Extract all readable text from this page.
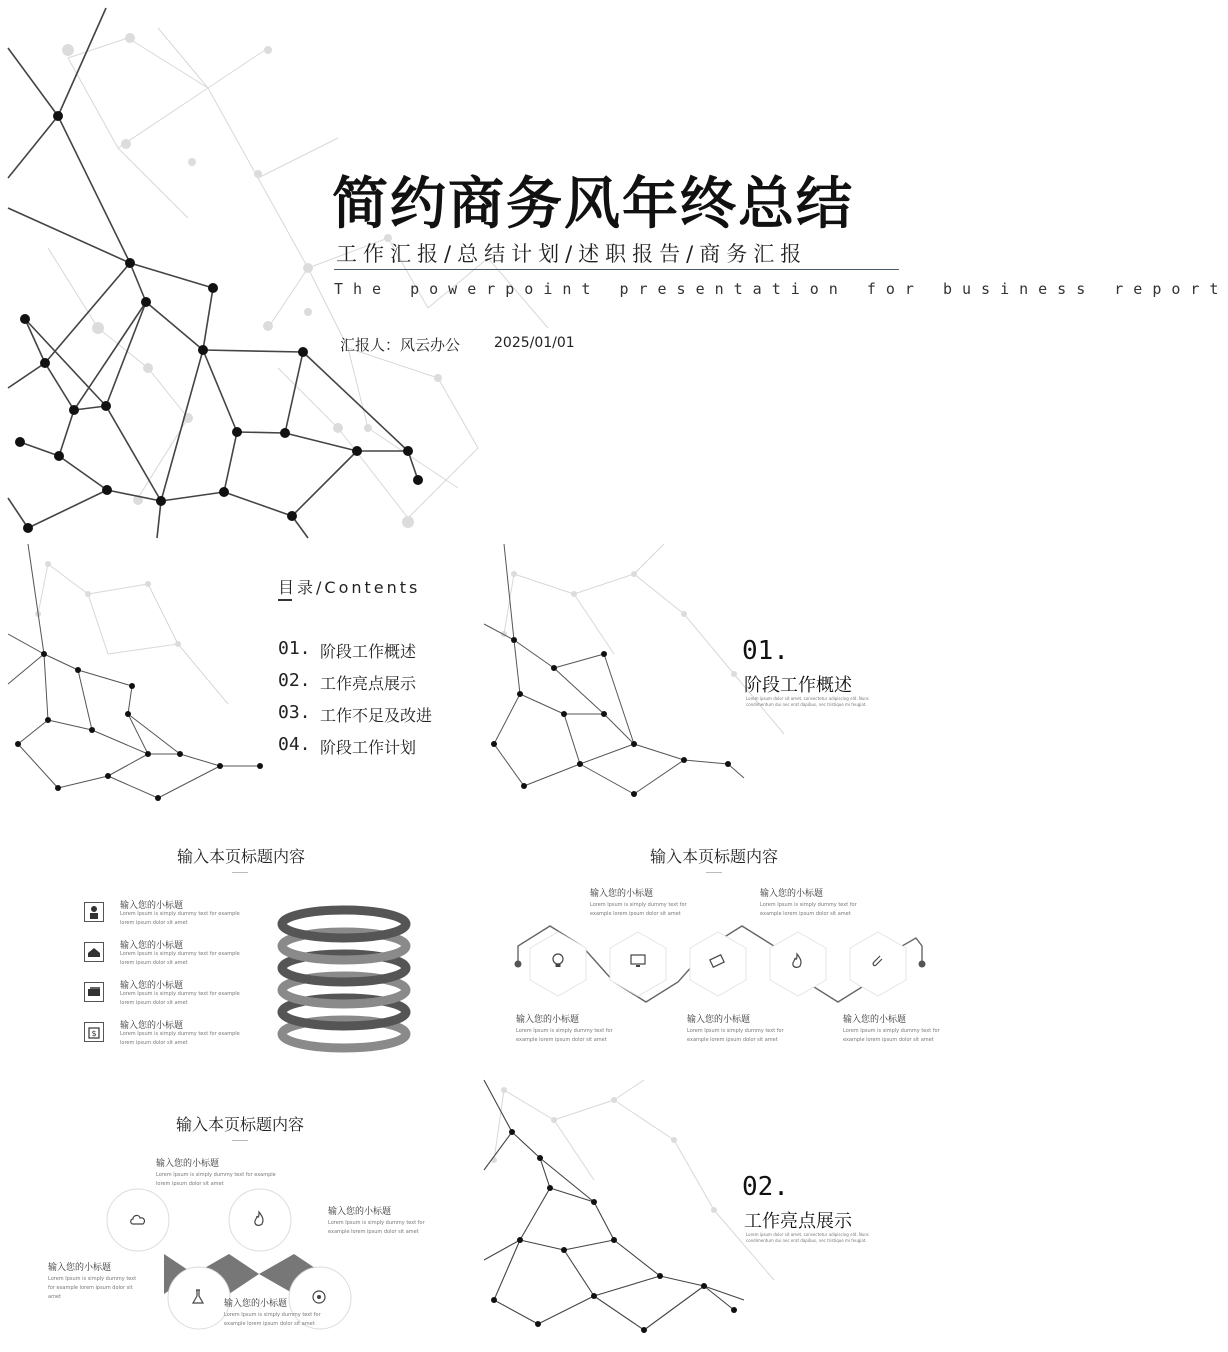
简约商务风年终总结
工作汇报/总结计划/述职报告/商务汇报
The powerpoint presentation for business report
汇报人：风云办公 2025/01/01
目录/Contents
01. 阶段工作概述
02. 工作亮点展示
03. 工作不足及改进
04. 阶段工作计划
01.
阶段工作概述
Lorem ipsum dolor sit amet, consectetur adipiscing elit. Nunc condimentum dui nec erat dapibus, nec tristique mi feugiat.
输入本页标题内容
输入您的小标题
Lorem Ipsum is simply dummy text for example lorem ipsum dolor sit amet
输入您的小标题
Lorem Ipsum is simply dummy text for example lorem ipsum dolor sit amet
输入您的小标题
Lorem Ipsum is simply dummy text for example lorem ipsum dolor sit amet
$
输入您的小标题
Lorem Ipsum is simply dummy text for example lorem ipsum dolor sit amet
输入本页标题内容
输入您的小标题
Lorem Ipsum is simply dummy text for example lorem ipsum dolor sit amet
输入您的小标题
Lorem Ipsum is simply dummy text for example lorem ipsum dolor sit amet
输入您的小标题
Lorem Ipsum is simply dummy text for example lorem ipsum dolor sit amet
输入您的小标题
Lorem Ipsum is simply dummy text for example lorem ipsum dolor sit amet
输入您的小标题
Lorem Ipsum is simply dummy text for example lorem ipsum dolor sit amet
输入本页标题内容
输入您的小标题
Lorem Ipsum is simply dummy text for example lorem ipsum dolor sit amet
输入您的小标题
Lorem Ipsum is simply dummy text for example lorem ipsum dolor sit amet
输入您的小标题
Lorem Ipsum is simply dummy text for example lorem ipsum dolor sit amet
输入您的小标题
Lorem Ipsum is simply dummy text for example lorem ipsum dolor sit amet
02.
工作亮点展示
Lorem ipsum dolor sit amet, consectetur adipiscing elit. Nunc condimentum dui nec erat dapibus, nec tristique mi feugiat.
